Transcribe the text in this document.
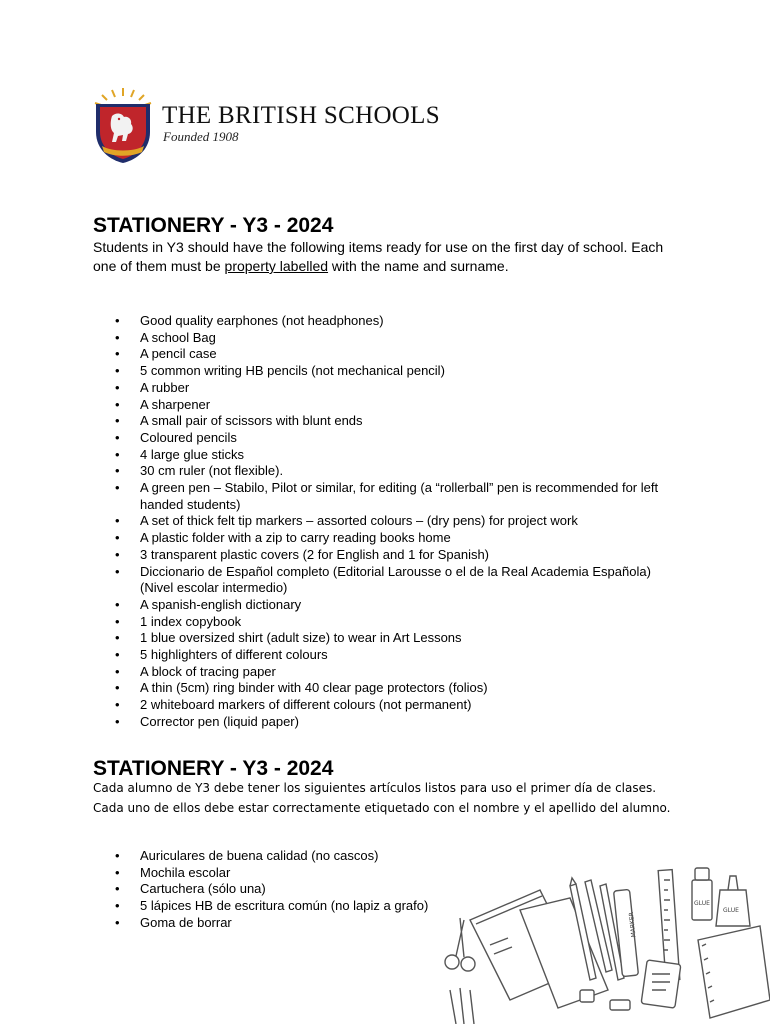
THE BRITISH SCHOOLS
Founded 1908
STATIONERY - Y3 - 2024

Students in Y3 should have the following items ready for use on the first day of school. Each one of them must be property labelled with the name and surname.

• Good quality earphones (not headphones)
• A school Bag
• A pencil case
• 5 common writing HB pencils (not mechanical pencil)
• A rubber
• A sharpener
• A small pair of scissors with blunt ends
• Coloured pencils
• 4 large glue sticks
• 30 cm ruler (not flexible).
• A green pen – Stabilo, Pilot or similar, for editing (a “rollerball” pen is recommended for left handed students)
• A set of thick felt tip markers – assorted colours – (dry pens) for project work
• A plastic folder with a zip to carry reading books home
• 3 transparent plastic covers (2 for English and 1 for Spanish)
• Diccionario de Español completo (Editorial Larousse o el de la Real Academia Española) (Nivel escolar intermedio)
• A spanish-english dictionary
• 1 index copybook
• 1 blue oversized shirt (adult size) to wear in Art Lessons
• 5 highlighters of different colours
• A block of tracing paper
• A thin (5cm) ring binder with 40 clear page protectors (folios)
• 2 whiteboard markers of different colours (not permanent)
• Corrector pen (liquid paper)
STATIONERY - Y3 - 2024

Cada alumno de Y3 debe tener los siguientes artículos listos para uso el primer día de clases. Cada uno de ellos debe estar correctamente etiquetado con el nombre y el apellido del alumno.

• Auriculares de buena calidad (no cascos)
• Mochila escolar
• Cartuchera (sólo una)
• 5 lápices HB de escritura común (no lapiz a grafo)
• Goma de borrar	MARKER
GLUE
GLUE
